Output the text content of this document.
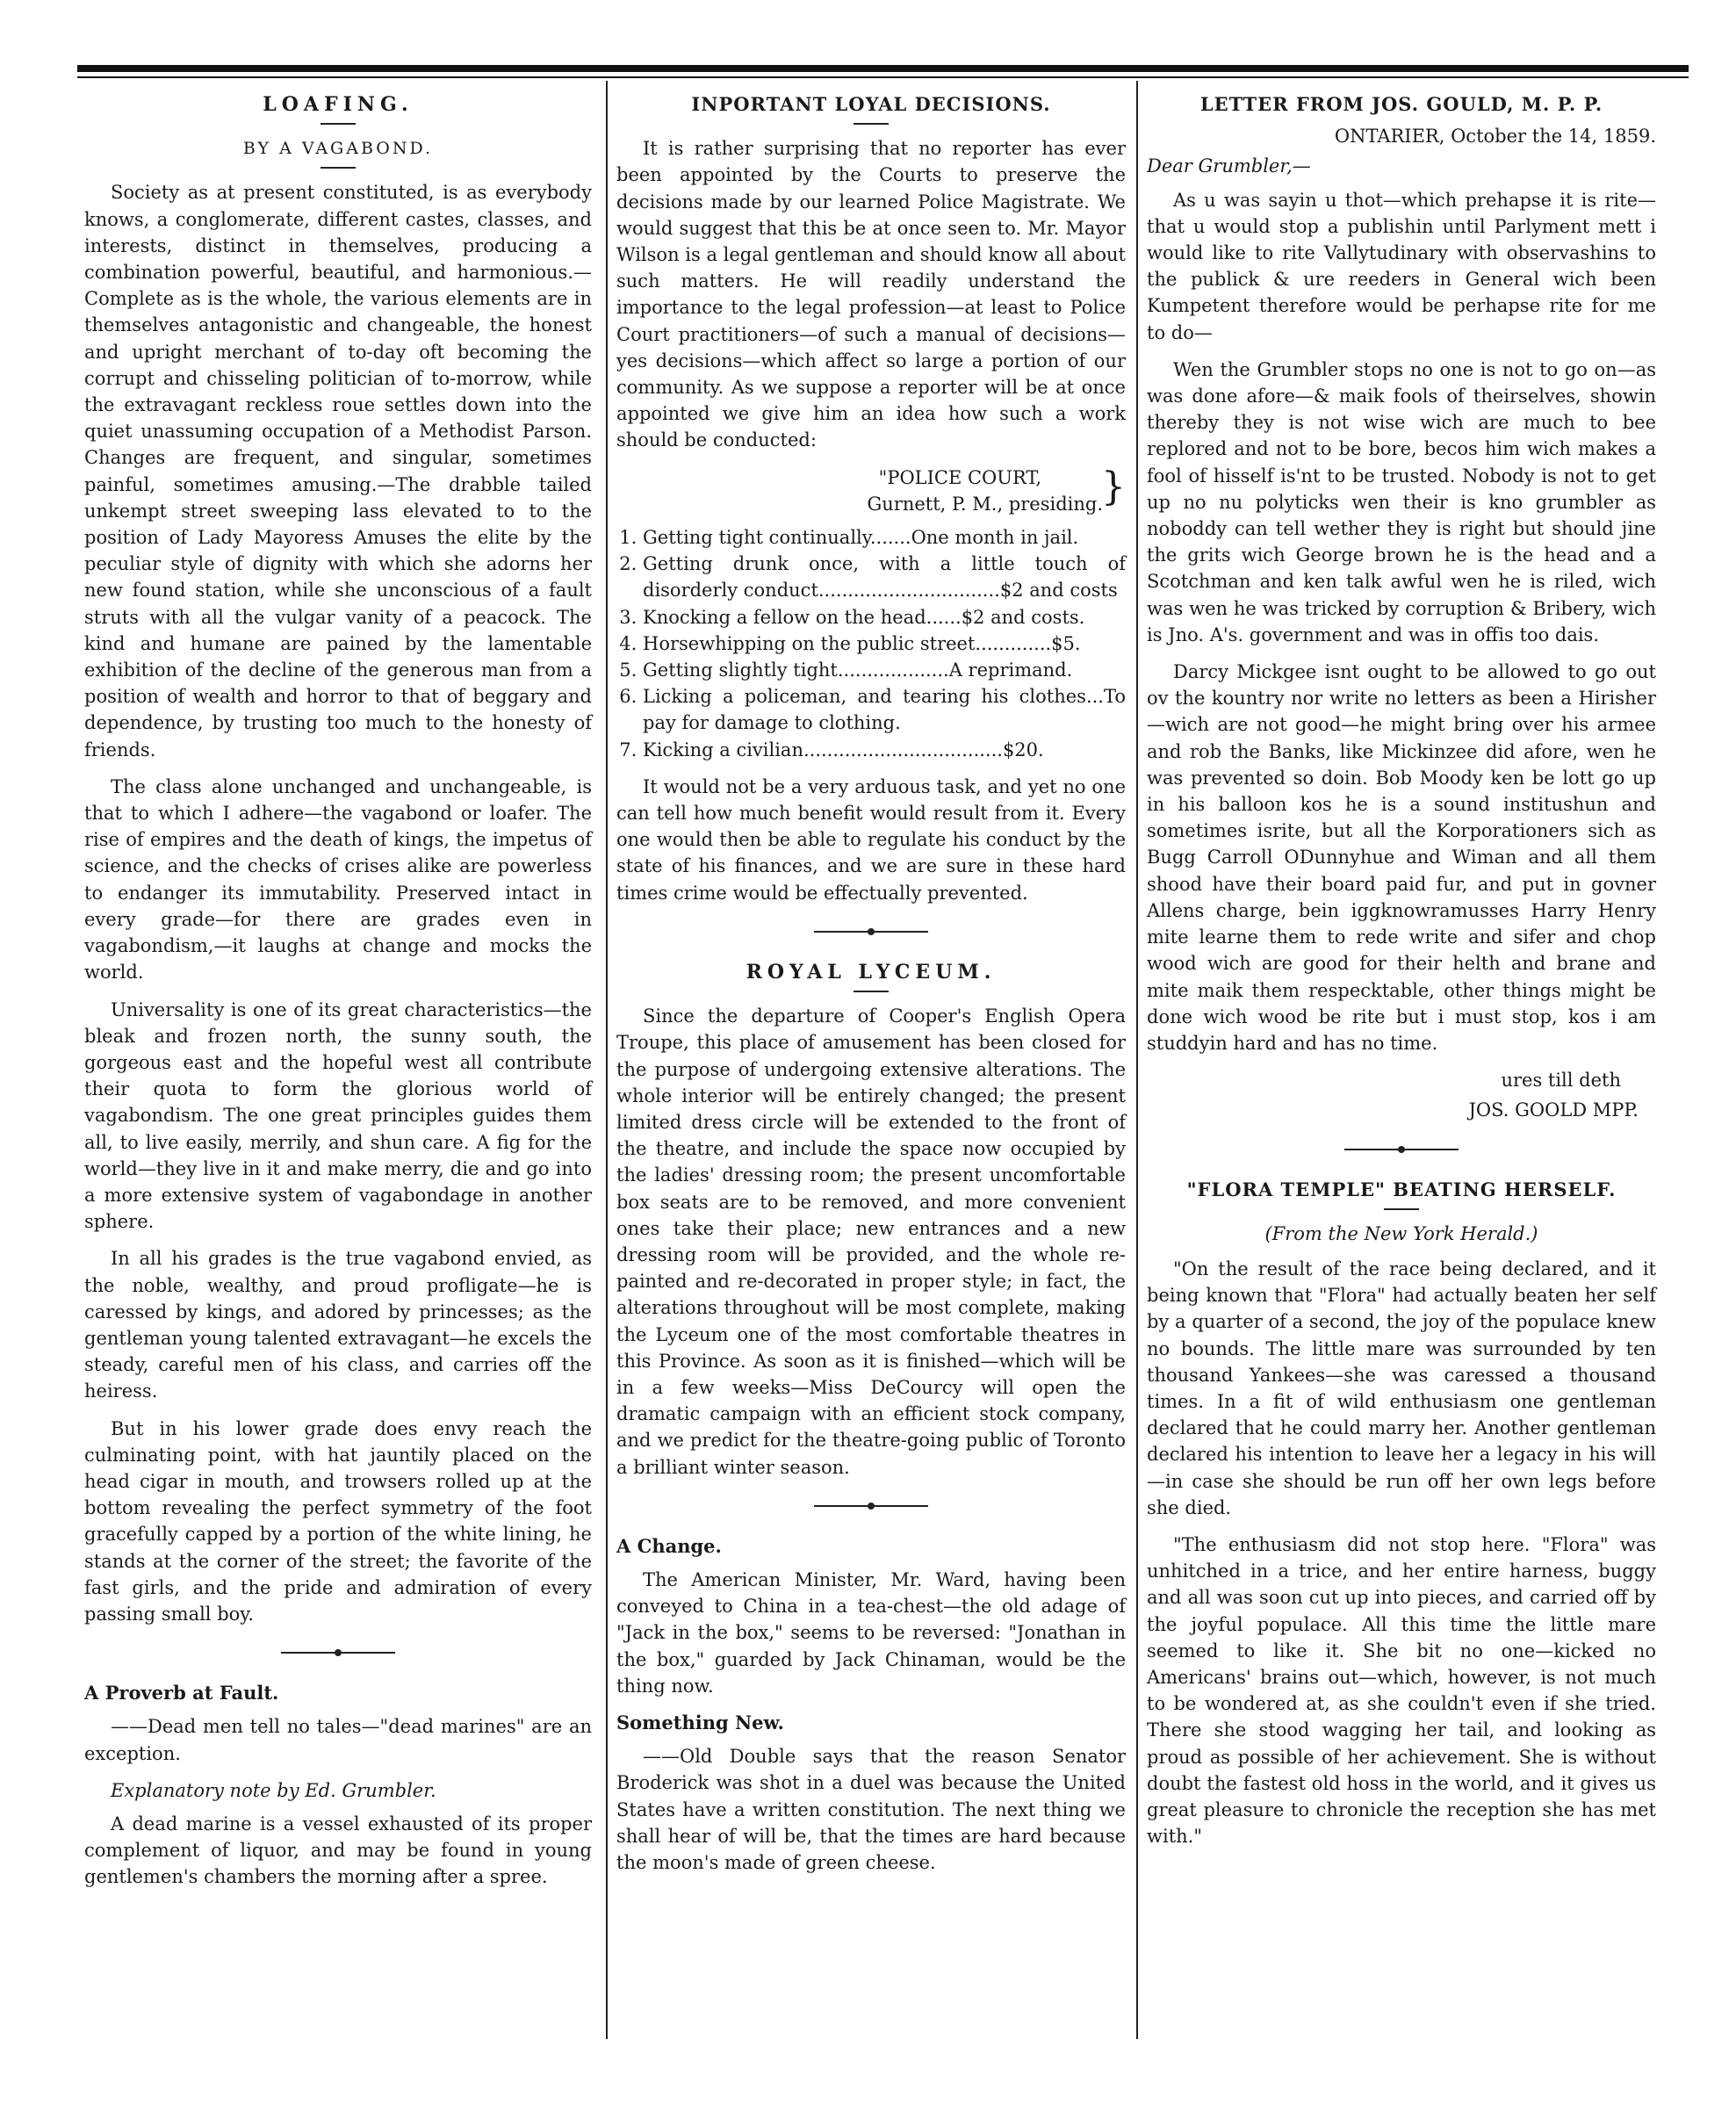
LOAFING.
BY A VAGABOND.

Society as at present constituted, is as everybody knows, a conglomerate, different castes, classes, and interests, distinct in themselves, producing a combination powerful, beautiful, and harmonious.—Complete as is the whole, the various elements are in themselves antagonistic and changeable, the honest and upright merchant of to-day oft becoming the corrupt and chisseling politician of to-morrow, while the extravagant reckless roue settles down into the quiet unassuming occupation of a Methodist Parson. Changes are frequent, and singular, sometimes painful, sometimes amusing.—The drabble tailed unkempt street sweeping lass elevated to to the position of Lady Mayoress Amuses the elite by the peculiar style of dignity with which she adorns her new found station, while she unconscious of a fault struts with all the vulgar vanity of a peacock. The kind and humane are pained by the lamentable exhibition of the decline of the generous man from a position of wealth and horror to that of beggary and dependence, by trusting too much to the honesty of friends.

The class alone unchanged and unchangeable, is that to which I adhere—the vagabond or loafer. The rise of empires and the death of kings, the impetus of science, and the checks of crises alike are powerless to endanger its immutability. Preserved intact in every grade—for there are grades even in vagabondism,—it laughs at change and mocks the world.

Universality is one of its great characteristics—the bleak and frozen north, the sunny south, the gorgeous east and the hopeful west all contribute their quota to form the glorious world of vagabondism. The one great principles guides them all, to live easily, merrily, and shun care. A fig for the world—they live in it and make merry, die and go into a more extensive system of vagabondage in another sphere.

In all his grades is the true vagabond envied, as the noble, wealthy, and proud profligate—he is caressed by kings, and adored by princesses; as the gentleman young talented extravagant—he excels the steady, careful men of his class, and carries off the heiress.

But in his lower grade does envy reach the culminating point, with hat jauntily placed on the head cigar in mouth, and trowsers rolled up at the bottom revealing the perfect symmetry of the foot gracefully capped by a portion of the white lining, he stands at the corner of the street; the favorite of the fast girls, and the pride and admiration of every passing small boy.

A Proverb at Fault.

——Dead men tell no tales—"dead marines" are an exception.

Explanatory note by Ed. Grumbler.

A dead marine is a vessel exhausted of its proper complement of liquor, and may be found in young gentlemen's chambers the morning after a spree.

INPORTANT LOYAL DECISIONS.

It is rather surprising that no reporter has ever been appointed by the Courts to preserve the decisions made by our learned Police Magistrate. We would suggest that this be at once seen to. Mr. Mayor Wilson is a legal gentleman and should know all about such matters. He will readily understand the importance to the legal profession—at least to Police Court practitioners—of such a manual of decisions—yes decisions—which affect so large a portion of our community. As we suppose a reporter will be at once appointed we give him an idea how such a work should be conducted:

"POLICE COURT,
Gurnett, P. M., presiding.
}
1. Getting tight continually.......One month in jail.
2. Getting drunk once, with a little touch of disorderly conduct...............................$2 and costs
3. Knocking a fellow on the head......$2 and costs.
4. Horsewhipping on the public street.............$5.
5. Getting slightly tight...................A reprimand.
6. Licking a policeman, and tearing his clothes...To pay for damage to clothing.
7. Kicking a civilian..................................$20.

It would not be a very arduous task, and yet no one can tell how much benefit would result from it. Every one would then be able to regulate his conduct by the state of his finances, and we are sure in these hard times crime would be effectually prevented.

ROYAL LYCEUM.

Since the departure of Cooper's English Opera Troupe, this place of amusement has been closed for the purpose of undergoing extensive alterations. The whole interior will be entirely changed; the present limited dress circle will be extended to the front of the theatre, and include the space now occupied by the ladies' dressing room; the present uncomfortable box seats are to be removed, and more convenient ones take their place; new entrances and a new dressing room will be provided, and the whole re-painted and re-decorated in proper style; in fact, the alterations throughout will be most complete, making the Lyceum one of the most comfortable theatres in this Province. As soon as it is finished—which will be in a few weeks—Miss DeCourcy will open the dramatic campaign with an efficient stock company, and we predict for the theatre-going public of Toronto a brilliant winter season.

A Change.

The American Minister, Mr. Ward, having been conveyed to China in a tea-chest—the old adage of "Jack in the box," seems to be reversed: "Jonathan in the box," guarded by Jack Chinaman, would be the thing now.

Something New.

——Old Double says that the reason Senator Broderick was shot in a duel was because the United States have a written constitution. The next thing we shall hear of will be, that the times are hard because the moon's made of green cheese.

LETTER FROM JOS. GOULD, M. P. P.
ONTARIER, October the 14, 1859.
Dear Grumbler,—

As u was sayin u thot—which prehapse it is rite—that u would stop a publishin until Parlyment mett i would like to rite Vallytudinary with observashins to the publick & ure reeders in General wich been Kumpetent therefore would be perhapse rite for me to do—

Wen the Grumbler stops no one is not to go on—as was done afore—& maik fools of theirselves, showin thereby they is not wise wich are much to bee replored and not to be bore, becos him wich makes a fool of hisself is'nt to be trusted. Nobody is not to get up no nu polyticks wen their is kno grumbler as noboddy can tell wether they is right but should jine the grits wich George brown he is the head and a Scotchman and ken talk awful wen he is riled, wich was wen he was tricked by corruption & Bribery, wich is Jno. A's. government and was in offis too dais.

Darcy Mickgee isnt ought to be allowed to go out ov the kountry nor write no letters as been a Hirisher—wich are not good—he might bring over his armee and rob the Banks, like Mickinzee did afore, wen he was prevented so doin. Bob Moody ken be lott go up in his balloon kos he is a sound institushun and sometimes isrite, but all the Korporationers sich as Bugg Carroll ODunnyhue and Wiman and all them shood have their board paid fur, and put in govner Allens charge, bein iggknowramusses Harry Henry mite learne them to rede write and sifer and chop wood wich are good for their helth and brane and mite maik them respecktable, other things might be done wich wood be rite but i must stop, kos i am studdyin hard and has no time.

ures till deth
JOS. GOOLD MPP.
"FLORA TEMPLE" BEATING HERSELF.
(From the New York Herald.)

"On the result of the race being declared, and it being known that "Flora" had actually beaten her self by a quarter of a second, the joy of the populace knew no bounds. The little mare was surrounded by ten thousand Yankees—she was caressed a thousand times. In a fit of wild enthusiasm one gentleman declared that he could marry her. Another gentleman declared his intention to leave her a legacy in his will—in case she should be run off her own legs before she died.

"The enthusiasm did not stop here. "Flora" was unhitched in a trice, and her entire harness, buggy and all was soon cut up into pieces, and carried off by the joyful populace. All this time the little mare seemed to like it. She bit no one—kicked no Americans' brains out—which, however, is not much to be wondered at, as she couldn't even if she tried. There she stood wagging her tail, and looking as proud as possible of her achievement. She is without doubt the fastest old hoss in the world, and it gives us great pleasure to chronicle the reception she has met with."
